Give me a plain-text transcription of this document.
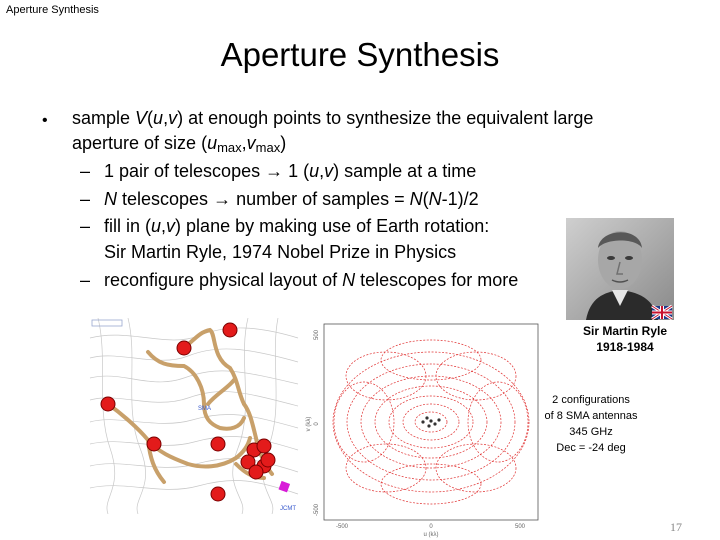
Aperture Synthesis
Aperture Synthesis
• sample V(u,v) at enough points to synthesize the equivalent large
aperture of size $(u_{max},v_{max})$
– 1 pair of telescopes → 1 (u,v) sample at a time
– N telescopes → number of samples = N(N-1)/2
– fill in (u,v) plane by making use of Earth rotation:
Sir Martin Ryle, 1974 Nobel Prize in Physics
– reconfigure physical layout of N telescopes for more
Sir Martin Ryle
1918-1984
2 configurations
of 8 SMA antennas
345 GHz
Dec = -24 deg
SMA
JCMT
500
0
-500
v (kλ)
-500	0	500
u (kλ)
17
